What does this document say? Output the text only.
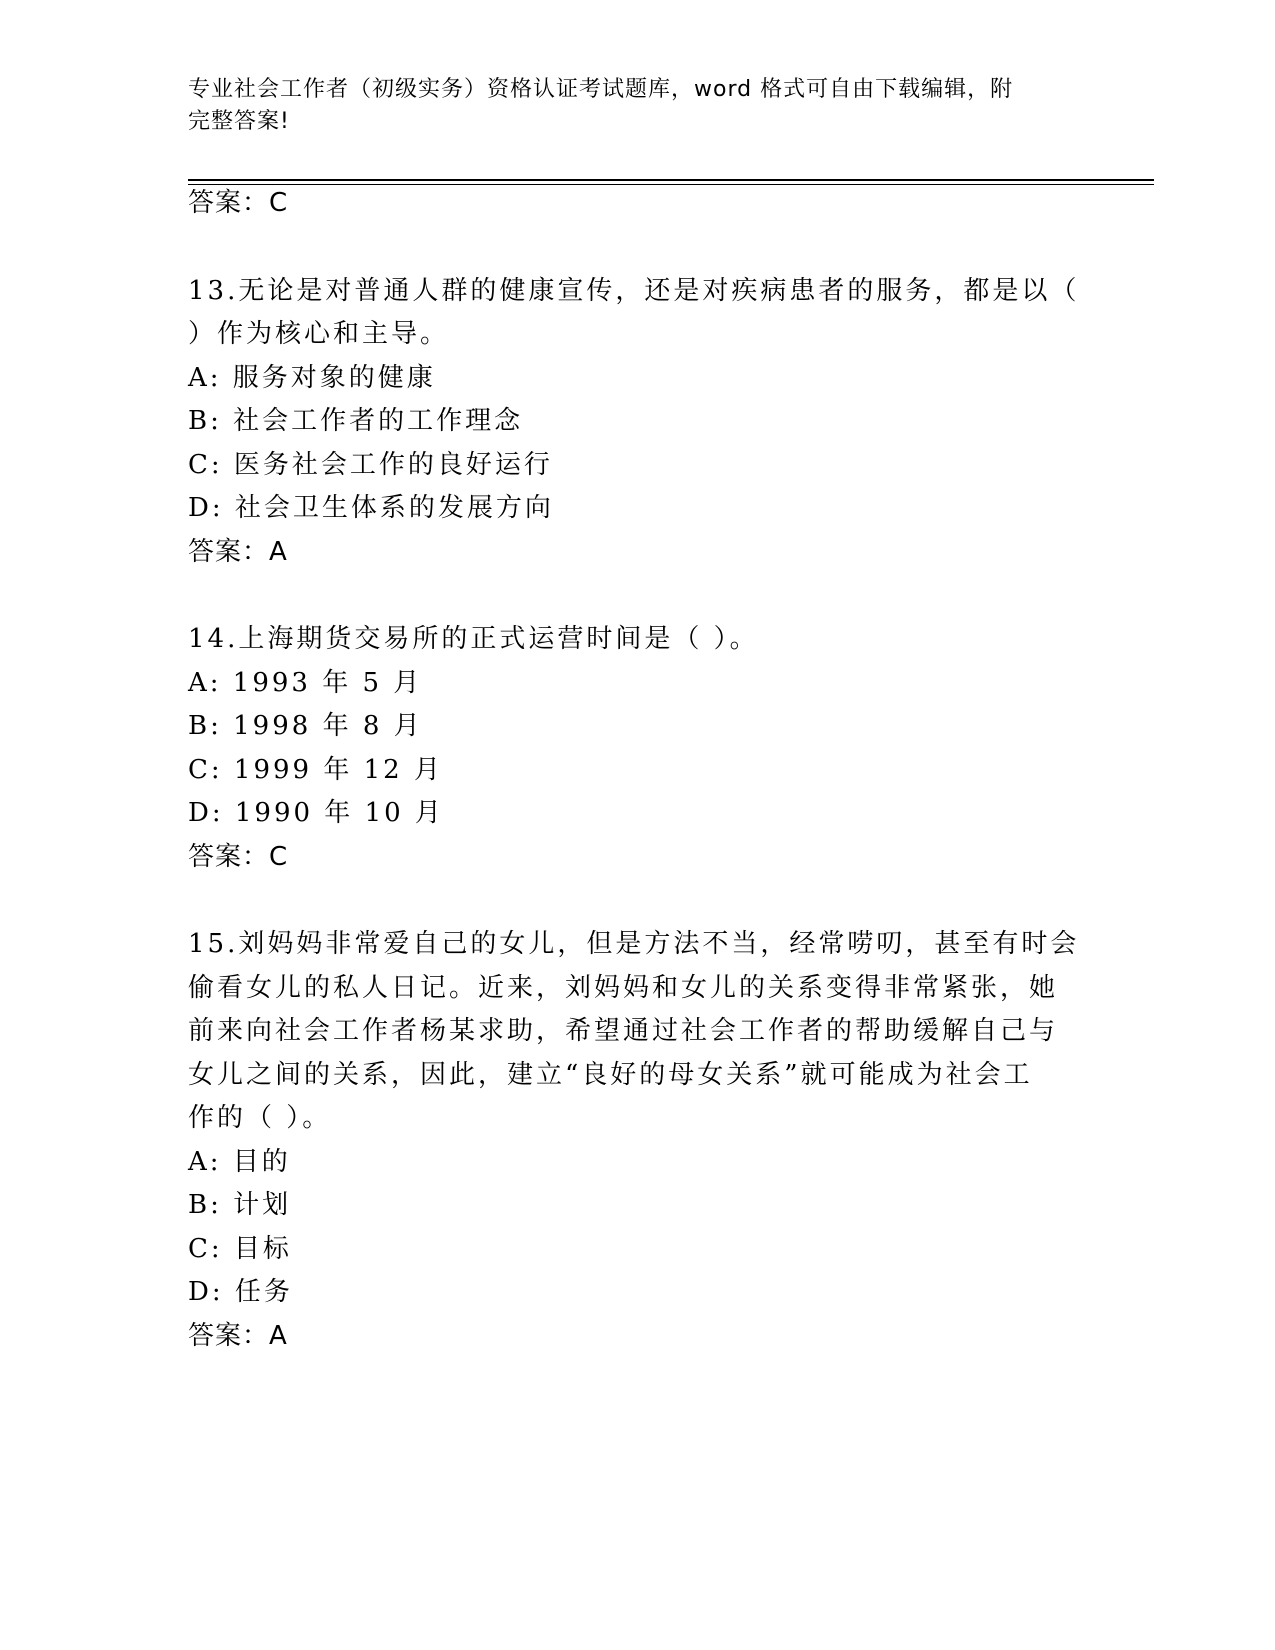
专业社会工作者（初级实务）资格认证考试题库，word 格式可自由下载编辑，附
完整答案!
答案：C
13.无论是对普通人群的健康宣传，还是对疾病患者的服务，都是以（
）作为核心和主导。
A: 服务对象的健康
B: 社会工作者的工作理念
C: 医务社会工作的良好运行
D: 社会卫生体系的发展方向
答案：A
14.上海期货交易所的正式运营时间是（ ）。
A: 1993 年 5 月
B: 1998 年 8 月
C: 1999 年 12 月
D: 1990 年 10 月
答案：C
15.刘妈妈非常爱自己的女儿，但是方法不当，经常唠叨，甚至有时会
偷看女儿的私人日记。近来，刘妈妈和女儿的关系变得非常紧张，她
前来向社会工作者杨某求助，希望通过社会工作者的帮助缓解自己与
女儿之间的关系，因此，建立“良好的母女关系”就可能成为社会工
作的（ ）。
A: 目的
B: 计划
C: 目标
D: 任务
答案：A
